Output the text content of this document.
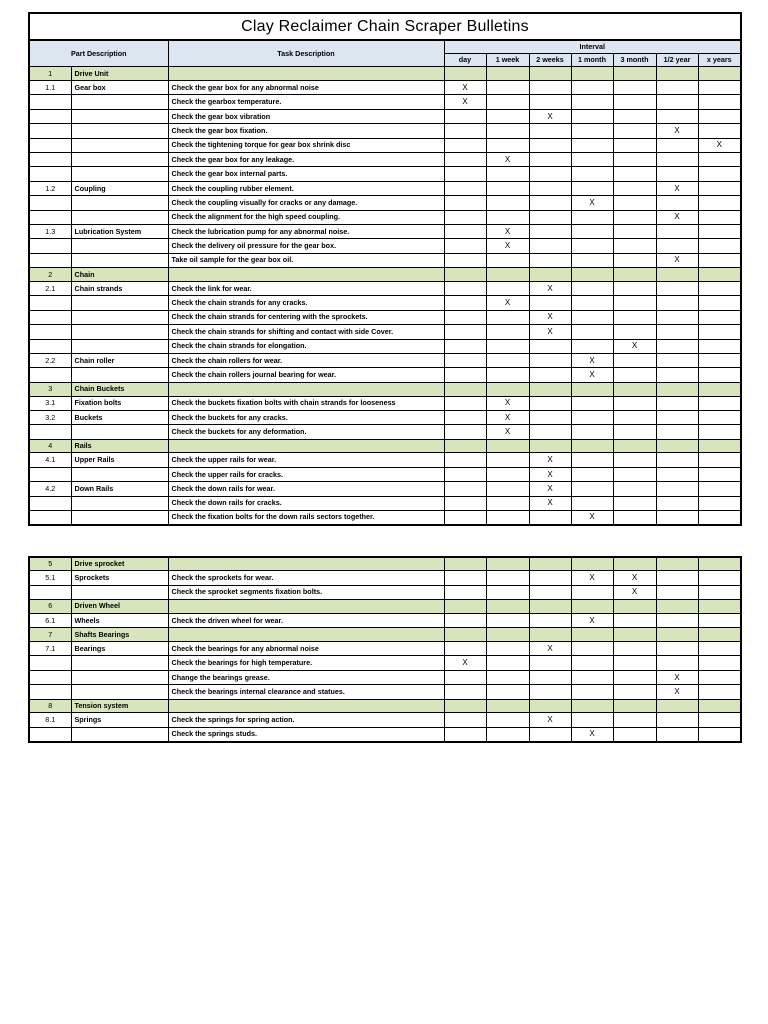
Clay Reclaimer Chain Scraper Bulletins									
Part Description		Task Description	Interval						
			day	1 week	2 weeks	1 month	3 month	1/2 year	x years
1	Drive Unit								
1.1	Gear box	Check the gear box for any abnormal noise	X						
		Check the gearbox temperature.	X						
		Check the gear box vibration			X				
		Check the gear box fixation.						X	
		Check the tightening torque for gear box shrink disc							X
		Check the gear box for any leakage.		X					
		Check the gear box internal parts.							
1.2	Coupling	Check the coupling rubber element.						X	
		Check the coupling visually for cracks or any damage.				X			
		Check the alignment for the high speed coupling.						X	
1.3	Lubrication System	Check the lubrication pump for any abnormal noise.		X					
		Check the delivery oil pressure for the gear box.		X					
		Take oil sample for the gear box oil.						X	
2	Chain								
2.1	Chain strands	Check the link for wear.			X				
		Check the chain strands for any cracks.		X					
		Check the chain strands for centering with the sprockets.			X				
		Check the chain strands for shifting and contact with side Cover.			X				
		Check the chain strands for elongation.					X		
2.2	Chain roller	Check the chain rollers for wear.				X			
		Check the chain rollers journal bearing for wear.				X			
3	Chain Buckets								
3.1	Fixation bolts	Check the buckets fixation bolts with chain strands for looseness		X					
3.2	Buckets	Check the buckets for any cracks.		X					
		Check the buckets for any deformation.		X					
4	Rails								
4.1	Upper Rails	Check the upper rails for wear.			X				
		Check the upper rails for cracks.			X				
4.2	Down Rails	Check the down rails for wear.			X				
		Check the down rails for cracks.			X				
		Check the fixation bolts for the down rails sectors together.				X			
5	Drive sprocket								
5.1	Sprockets	Check the sprockets for wear.				X	X		
		Check the sprocket segments fixation bolts.					X		
6	Driven Wheel								
6.1	Wheels	Check the driven wheel for wear.				X			
7	Shafts Bearings								
7.1	Bearings	Check the bearings for any abnormal noise			X				
		Check the bearings for high temperature.	X						
		Change the bearings grease.						X	
		Check the bearings internal clearance and statues.						X	
8	Tension system								
8.1	Springs	Check the springs for spring action.			X				
		Check the springs studs.				X			
